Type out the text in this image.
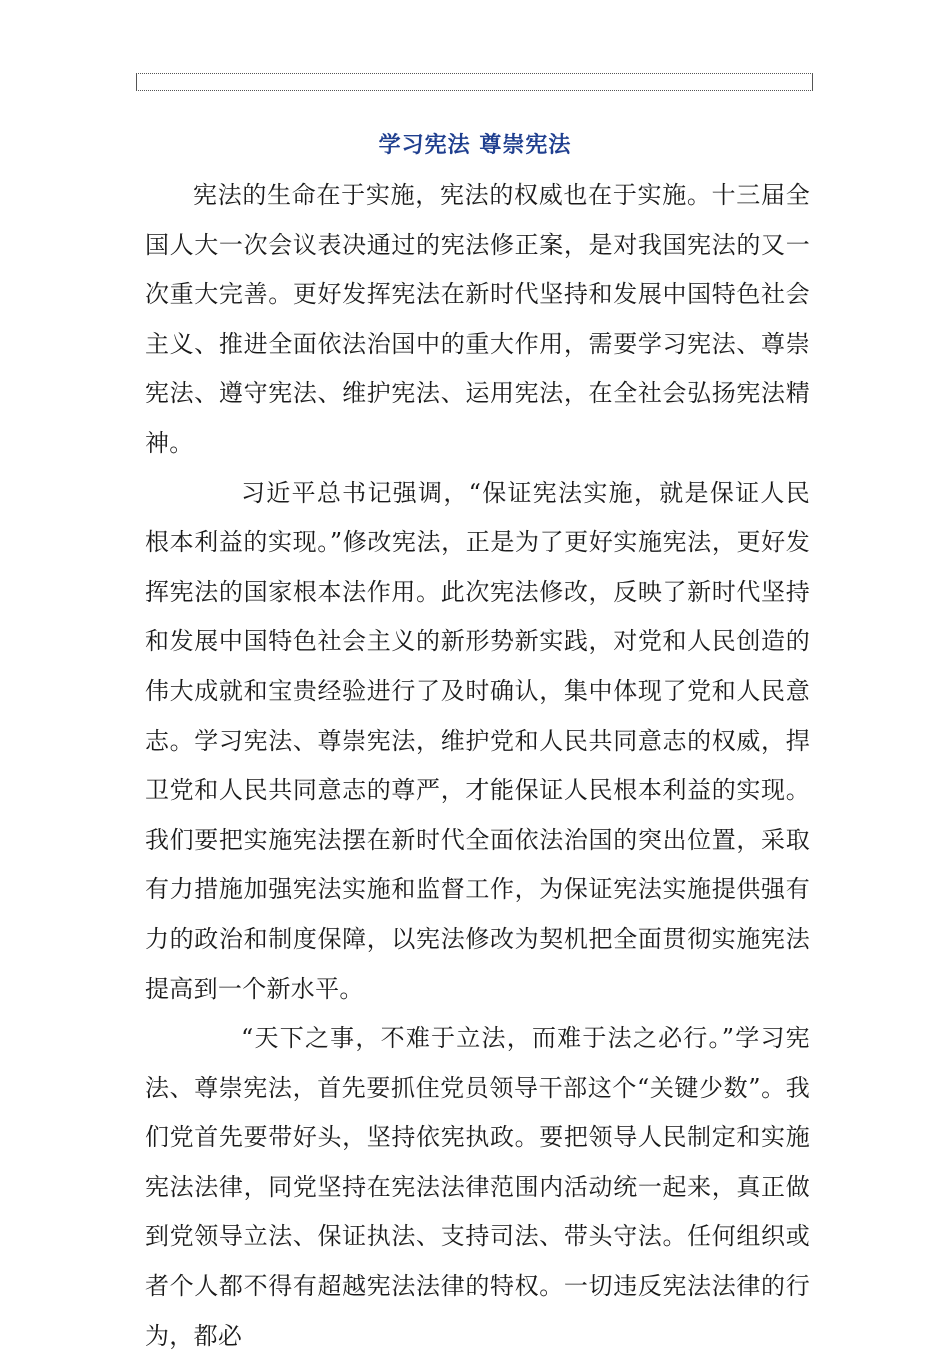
学习宪法 尊崇宪法

宪法的生命在于实施，宪法的权威也在于实施。十三届全国人大一次会议表决通过的宪法修正案，是对我国宪法的又一次重大完善。更好发挥宪法在新时代坚持和发展中国特色社会主义、推进全面依法治国中的重大作用，需要学习宪法、尊崇宪法、遵守宪法、维护宪法、运用宪法，在全社会弘扬宪法精神。

习近平总书记强调，“保证宪法实施，就是保证人民根本利益的实现。”修改宪法，正是为了更好实施宪法，更好发挥宪法的国家根本法作用。此次宪法修改，反映了新时代坚持和发展中国特色社会主义的新形势新实践，对党和人民创造的伟大成就和宝贵经验进行了及时确认，集中体现了党和人民意志。学习宪法、尊崇宪法，维护党和人民共同意志的权威，捍卫党和人民共同意志的尊严，才能保证人民根本利益的实现。我们要把实施宪法摆在新时代全面依法治国的突出位置，采取有力措施加强宪法实施和监督工作，为保证宪法实施提供强有力的政治和制度保障，以宪法修改为契机把全面贯彻实施宪法提高到一个新水平。

“天下之事，不难于立法，而难于法之必行。”学习宪法、尊崇宪法，首先要抓住党员领导干部这个“关键少数”。我们党首先要带好头，坚持依宪执政。要把领导人民制定和实施宪法法律，同党坚持在宪法法律范围内活动统一起来，真正做到党领导立法、保证执法、支持司法、带头守法。任何组织或者个人都不得有超越宪法法律的特权。一切违反宪法法律的行为，都必
